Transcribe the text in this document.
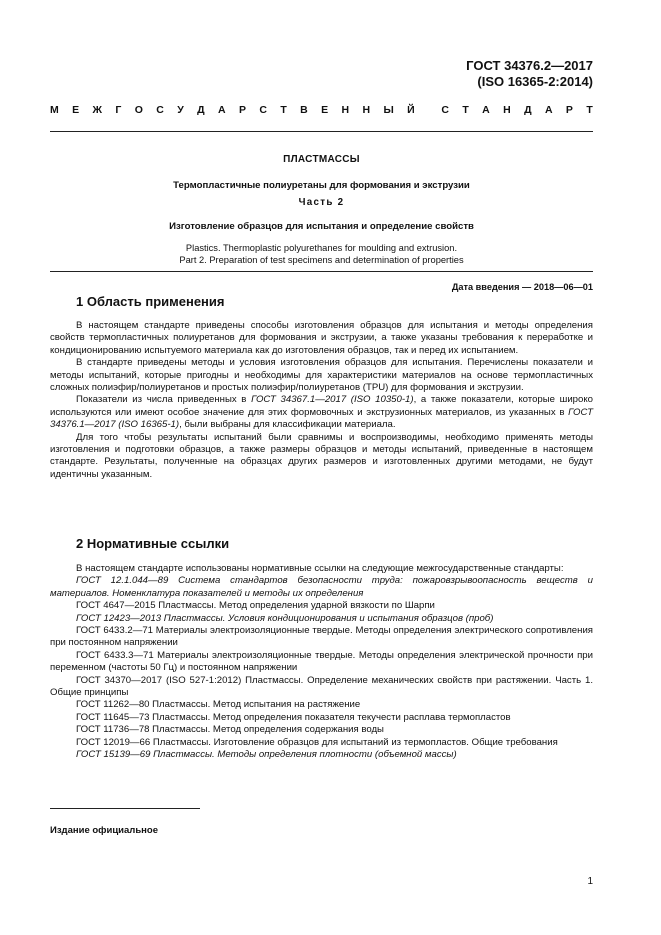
ГОСТ 34376.2—2017
(ISO 16365-2:2014)
М Е Ж Г О С У Д А Р С Т В Е Н Н Ы Й	С Т А Н Д А Р Т
ПЛАСТМАССЫ
Термопластичные полиуретаны для формования и экструзии
Часть 2
Изготовление образцов для испытания и определение свойств
Plastics. Thermoplastic polyurethanes for moulding and extrusion.
Part 2. Preparation of test specimens and determination of properties
Дата введения — 2018—06—01
1 Область применения

В настоящем стандарте приведены способы изготовления образцов для испытания и методы определения свойств термопластичных полиуретанов для формования и экструзии, а также указаны требования к переработке и кондиционированию испытуемого материала как до изготовления образцов, так и перед их испытанием.

В стандарте приведены методы и условия изготовления образцов для испытания. Перечислены показатели и методы испытаний, которые пригодны и необходимы для характеристики материалов на основе термопластичных сложных полиэфир/полиуретанов и простых полиэфир/полиуретанов (TPU) для формования и экструзии.

Показатели из числа приведенных в ГОСТ 34367.1—2017 (ISO 10350-1), а также показатели, которые широко используются или имеют особое значение для этих формовочных и экструзионных материалов, из указанных в ГОСТ 34376.1—2017 (ISO 16365-1), были выбраны для классификации материала.

Для того чтобы результаты испытаний были сравнимы и воспроизводимы, необходимо применять методы изготовления и подготовки образцов, а также размеры образцов и методы испытаний, приведенные в настоящем стандарте. Результаты, полученные на образцах других размеров и изготовленных другими методами, не будут идентичны указанным.

2 Нормативные ссылки

В настоящем стандарте использованы нормативные ссылки на следующие межгосударственные стандарты:

ГОСТ 12.1.044—89 Система стандартов безопасности труда: пожаровзрывоопасность веществ и материалов. Номенклатура показателей и методы их определения

ГОСТ 4647—2015 Пластмассы. Метод определения ударной вязкости по Шарпи

ГОСТ 12423—2013 Пластмассы. Условия кондиционирования и испытания образцов (проб)

ГОСТ 6433.2—71 Материалы электроизоляционные твердые. Методы определения электрического сопротивления при постоянном напряжении

ГОСТ 6433.3—71 Материалы электроизоляционные твердые. Методы определения электрической прочности при переменном (частоты 50 Гц) и постоянном напряжении

ГОСТ 34370—2017 (ISO 527-1:2012) Пластмассы. Определение механических свойств при растяжении. Часть 1. Общие принципы

ГОСТ 11262—80 Пластмассы. Метод испытания на растяжение

ГОСТ 11645—73 Пластмассы. Метод определения показателя текучести расплава термопластов

ГОСТ 11736—78 Пластмассы. Метод определения содержания воды

ГОСТ 12019—66 Пластмассы. Изготовление образцов для испытаний из термопластов. Общие требования

ГОСТ 15139—69 Пластмассы. Методы определения плотности (объемной массы)

Издание официальное
1
